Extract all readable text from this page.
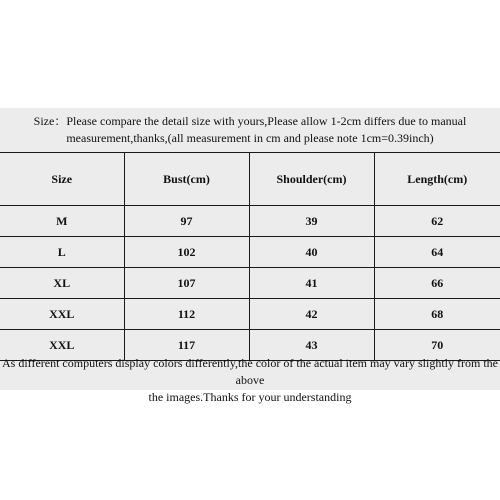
Size：Please compare the detail size with yours,Please allow 1-2cm differs due to manual
measurement,thanks,(all measurement in cm and please note 1cm=0.39inch)
Size	Bust(cm)	Shoulder(cm)	Length(cm)
M	97	39	62
L	102	40	64
XL	107	41	66
XXL	112	42	68
XXL	117	43	70
As different computers display colors differently,the color of the actual item may vary slightly from the above
the images.Thanks for your understanding
